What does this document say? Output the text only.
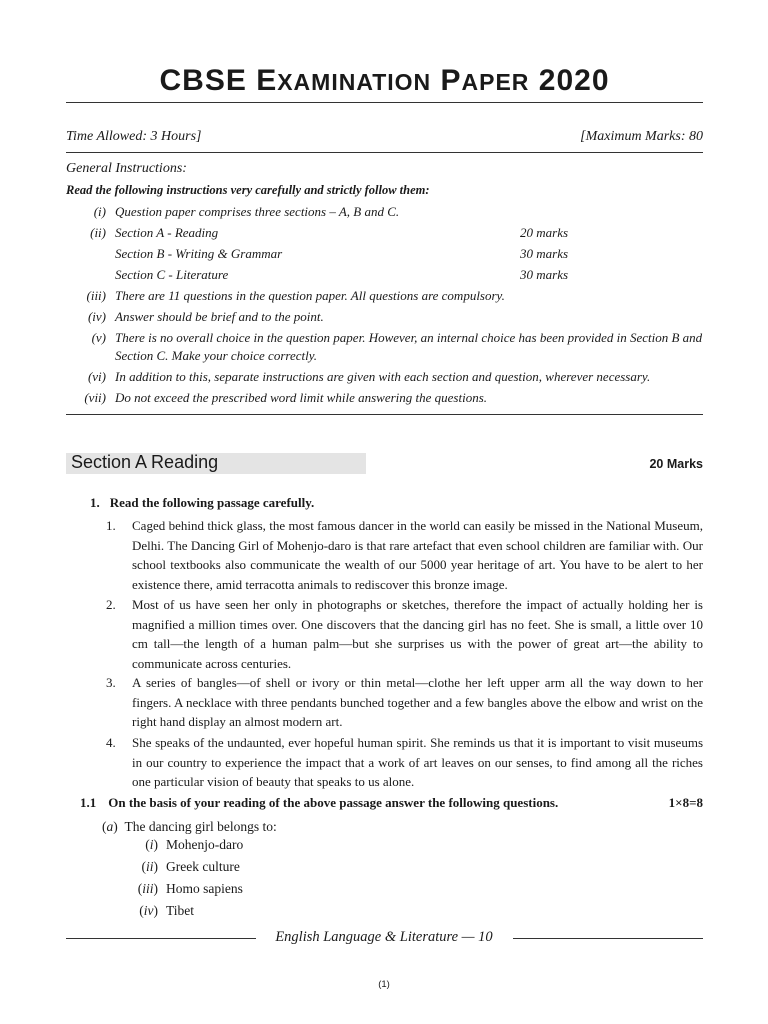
CBSE EXAMINATION PAPER 2020
Time Allowed: 3 Hours]	[Maximum Marks: 80
General Instructions:
Read the following instructions very carefully and strictly follow them:
(i) Question paper comprises three sections – A, B and C.
(ii) Section A - Reading	20 marks
Section B - Writing & Grammar	30 marks
Section C - Literature	30 marks
(iii) There are 11 questions in the question paper. All questions are compulsory.
(iv) Answer should be brief and to the point.
(v) There is no overall choice in the question paper. However, an internal choice has been provided in Section B and Section C. Make your choice correctly.
(vi) In addition to this, separate instructions are given with each section and question, wherever necessary.
(vii) Do not exceed the prescribed word limit while answering the questions.
Section A Reading	20 Marks
1. Read the following passage carefully.
1. Caged behind thick glass, the most famous dancer in the world can easily be missed in the National Museum, Delhi. The Dancing Girl of Mohenjo-daro is that rare artefact that even school children are familiar with. Our school textbooks also communicate the wealth of our 5000 year heritage of art. You have to be alert to her existence there, amid terracotta animals to rediscover this bronze image.
2. Most of us have seen her only in photographs or sketches, therefore the impact of actually holding her is magnified a million times over. One discovers that the dancing girl has no feet. She is small, a little over 10 cm tall—the length of a human palm—but she surprises us with the power of great art—the ability to communicate across centuries.
3. A series of bangles—of shell or ivory or thin metal—clothe her left upper arm all the way down to her fingers. A necklace with three pendants bunched together and a few bangles above the elbow and wrist on the right hand display an almost modern art.
4. She speaks of the undaunted, ever hopeful human spirit. She reminds us that it is important to visit museums in our country to experience the impact that a work of art leaves on our senses, to find among all the riches one particular vision of beauty that speaks to us alone.
1.1 On the basis of your reading of the above passage answer the following questions.	1×8=8
(a)  The dancing girl belongs to:
(i) Mohenjo-daro
(ii) Greek culture
(iii) Homo sapiens
(iv) Tibet
English Language & Literature — 10
(1)
